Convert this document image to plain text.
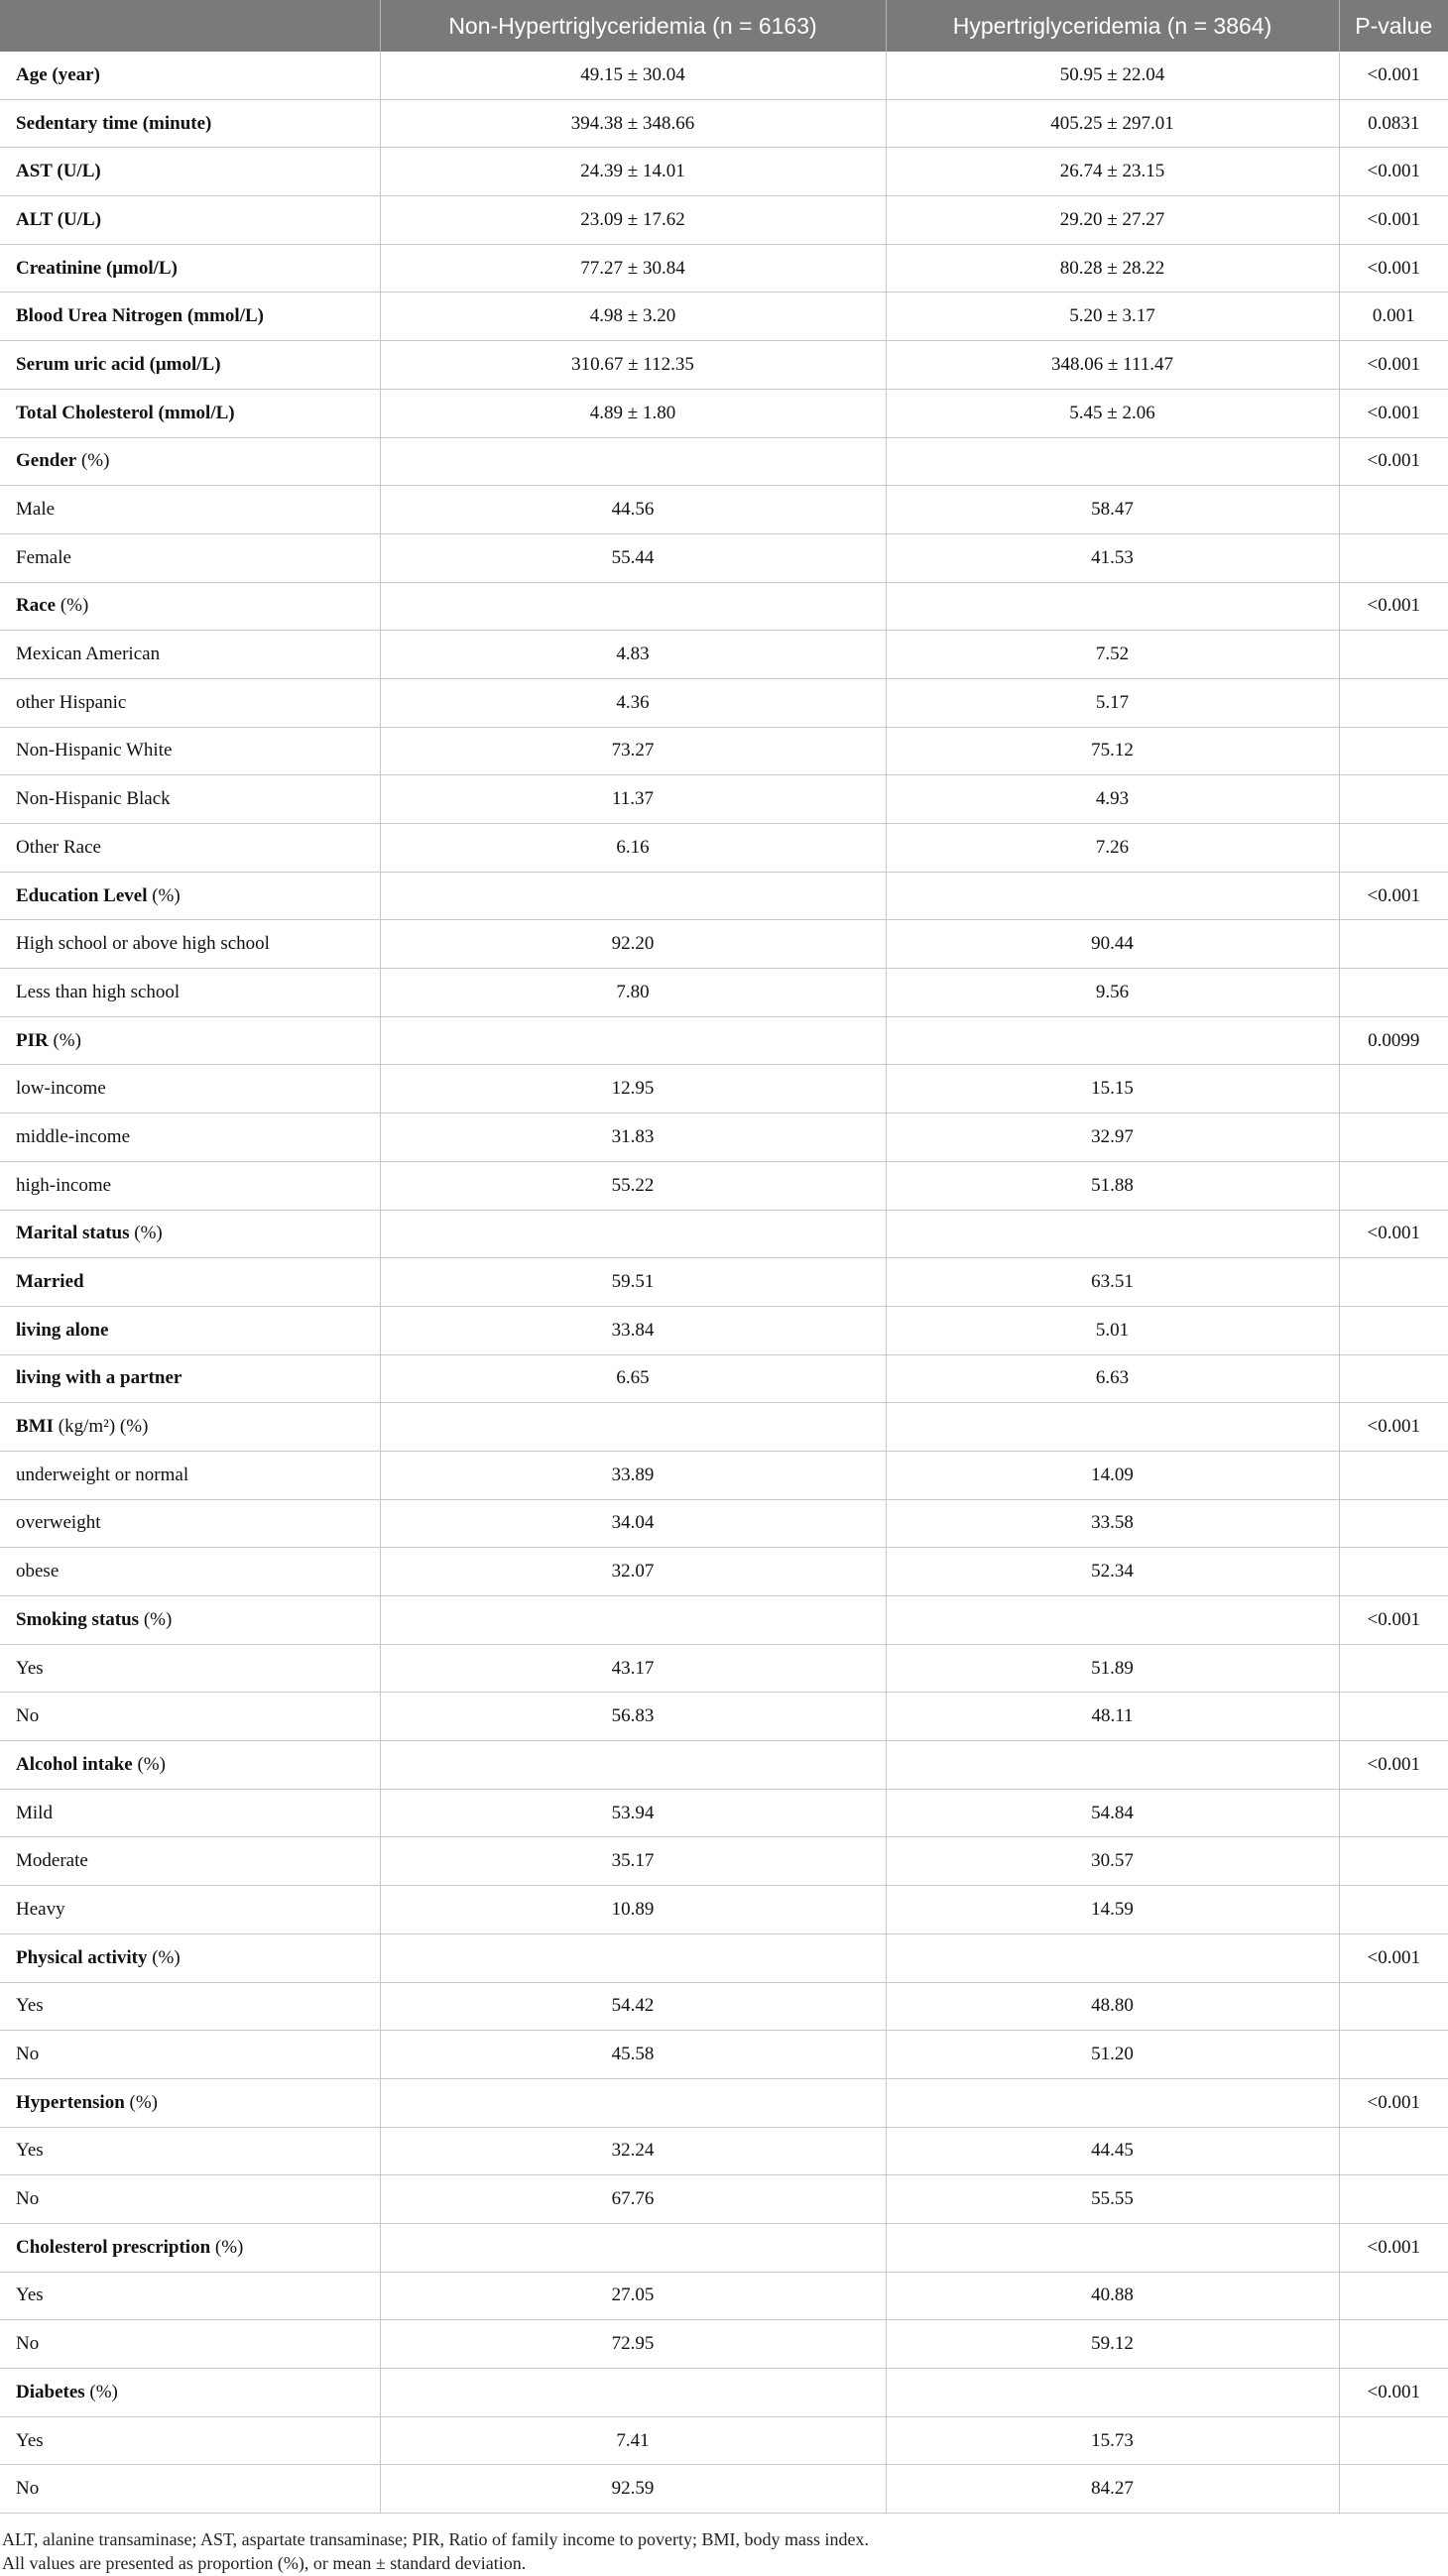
	Non-Hypertriglyceridemia (n = 6163)	Hypertriglyceridemia (n = 3864)	P-value
Age (year)	49.15 ± 30.04	50.95 ± 22.04	<0.001
Sedentary time (minute)	394.38 ± 348.66	405.25 ± 297.01	0.0831
AST (U/L)	24.39 ± 14.01	26.74 ± 23.15	<0.001
ALT (U/L)	23.09 ± 17.62	29.20 ± 27.27	<0.001
Creatinine (μmol/L)	77.27 ± 30.84	80.28 ± 28.22	<0.001
Blood Urea Nitrogen (mmol/L)	4.98 ± 3.20	5.20 ± 3.17	0.001
Serum uric acid (μmol/L)	310.67 ± 112.35	348.06 ± 111.47	<0.001
Total Cholesterol (mmol/L)	4.89 ± 1.80	5.45 ± 2.06	<0.001
Gender (%)			<0.001
Male	44.56	58.47	
Female	55.44	41.53	
Race (%)			<0.001
Mexican American	4.83	7.52	
other Hispanic	4.36	5.17	
Non-Hispanic White	73.27	75.12	
Non-Hispanic Black	11.37	4.93	
Other Race	6.16	7.26	
Education Level (%)			<0.001
High school or above high school	92.20	90.44	
Less than high school	7.80	9.56	
PIR (%)			0.0099
low-income	12.95	15.15	
middle-income	31.83	32.97	
high-income	55.22	51.88	
Marital status (%)			<0.001
Married	59.51	63.51	
living alone	33.84	5.01	
living with a partner	6.65	6.63	
BMI (kg/m²) (%)			<0.001
underweight or normal	33.89	14.09	
overweight	34.04	33.58	
obese	32.07	52.34	
Smoking status (%)			<0.001
Yes	43.17	51.89	
No	56.83	48.11	
Alcohol intake (%)			<0.001
Mild	53.94	54.84	
Moderate	35.17	30.57	
Heavy	10.89	14.59	
Physical activity (%)			<0.001
Yes	54.42	48.80	
No	45.58	51.20	
Hypertension (%)			<0.001
Yes	32.24	44.45	
No	67.76	55.55	
Cholesterol prescription (%)			<0.001
Yes	27.05	40.88	
No	72.95	59.12	
Diabetes (%)			<0.001
Yes	7.41	15.73	
No	92.59	84.27	
ALT, alanine transaminase; AST, aspartate transaminase; PIR, Ratio of family income to poverty; BMI, body mass index.
All values are presented as proportion (%), or mean ± standard deviation.
